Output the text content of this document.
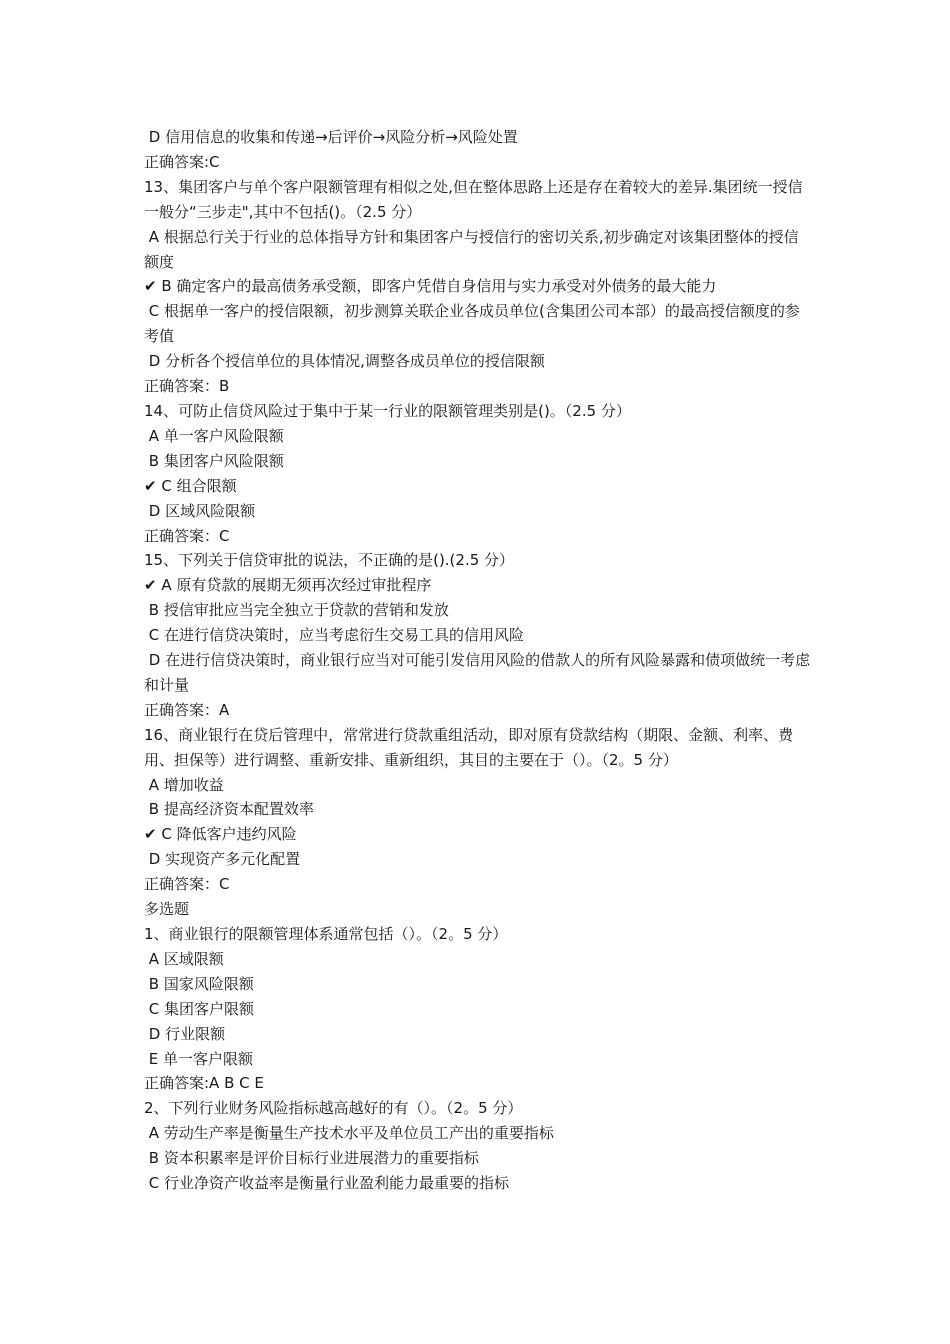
D 信用信息的收集和传递→后评价→风险分析→风险处置

正确答案:C

13、集团客户与单个客户限额管理有相似之处,但在整体思路上还是存在着较大的差异.集团统一授信一般分“三步走",其中不包括()。（2.5 分）

A 根据总行关于行业的总体指导方针和集团客户与授信行的密切关系,初步确定对该集团整体的授信额度

✔ B 确定客户的最高债务承受额，即客户凭借自身信用与实力承受对外债务的最大能力

C 根据单一客户的授信限额，初步测算关联企业各成员单位(含集团公司本部）的最高授信额度的参考值

D 分析各个授信单位的具体情况,调整各成员单位的授信限额

正确答案：B

14、可防止信贷风险过于集中于某一行业的限额管理类别是()。（2.5 分）

A 单一客户风险限额

B 集团客户风险限额

✔ C 组合限额

D 区域风险限额

正确答案：C

15、下列关于信贷审批的说法，不正确的是().(2.5 分）

✔ A 原有贷款的展期无须再次经过审批程序

B 授信审批应当完全独立于贷款的营销和发放

C 在进行信贷决策时，应当考虑衍生交易工具的信用风险

D 在进行信贷决策时，商业银行应当对可能引发信用风险的借款人的所有风险暴露和债项做统一考虑和计量

正确答案：A

16、商业银行在贷后管理中，常常进行贷款重组活动，即对原有贷款结构（期限、金额、利率、费用、担保等）进行调整、重新安排、重新组织，其目的主要在于（）。（2。5 分）

A 增加收益

B 提高经济资本配置效率

✔ C 降低客户违约风险

D 实现资产多元化配置

正确答案：C

多选题

1、商业银行的限额管理体系通常包括（）。（2。5 分）

A 区域限额

B 国家风险限额

C 集团客户限额

D 行业限额

E 单一客户限额

正确答案:A B C E

2、下列行业财务风险指标越高越好的有（）。（2。5 分）

A 劳动生产率是衡量生产技术水平及单位员工产出的重要指标

B 资本积累率是评价目标行业进展潜力的重要指标

C 行业净资产收益率是衡量行业盈利能力最重要的指标
